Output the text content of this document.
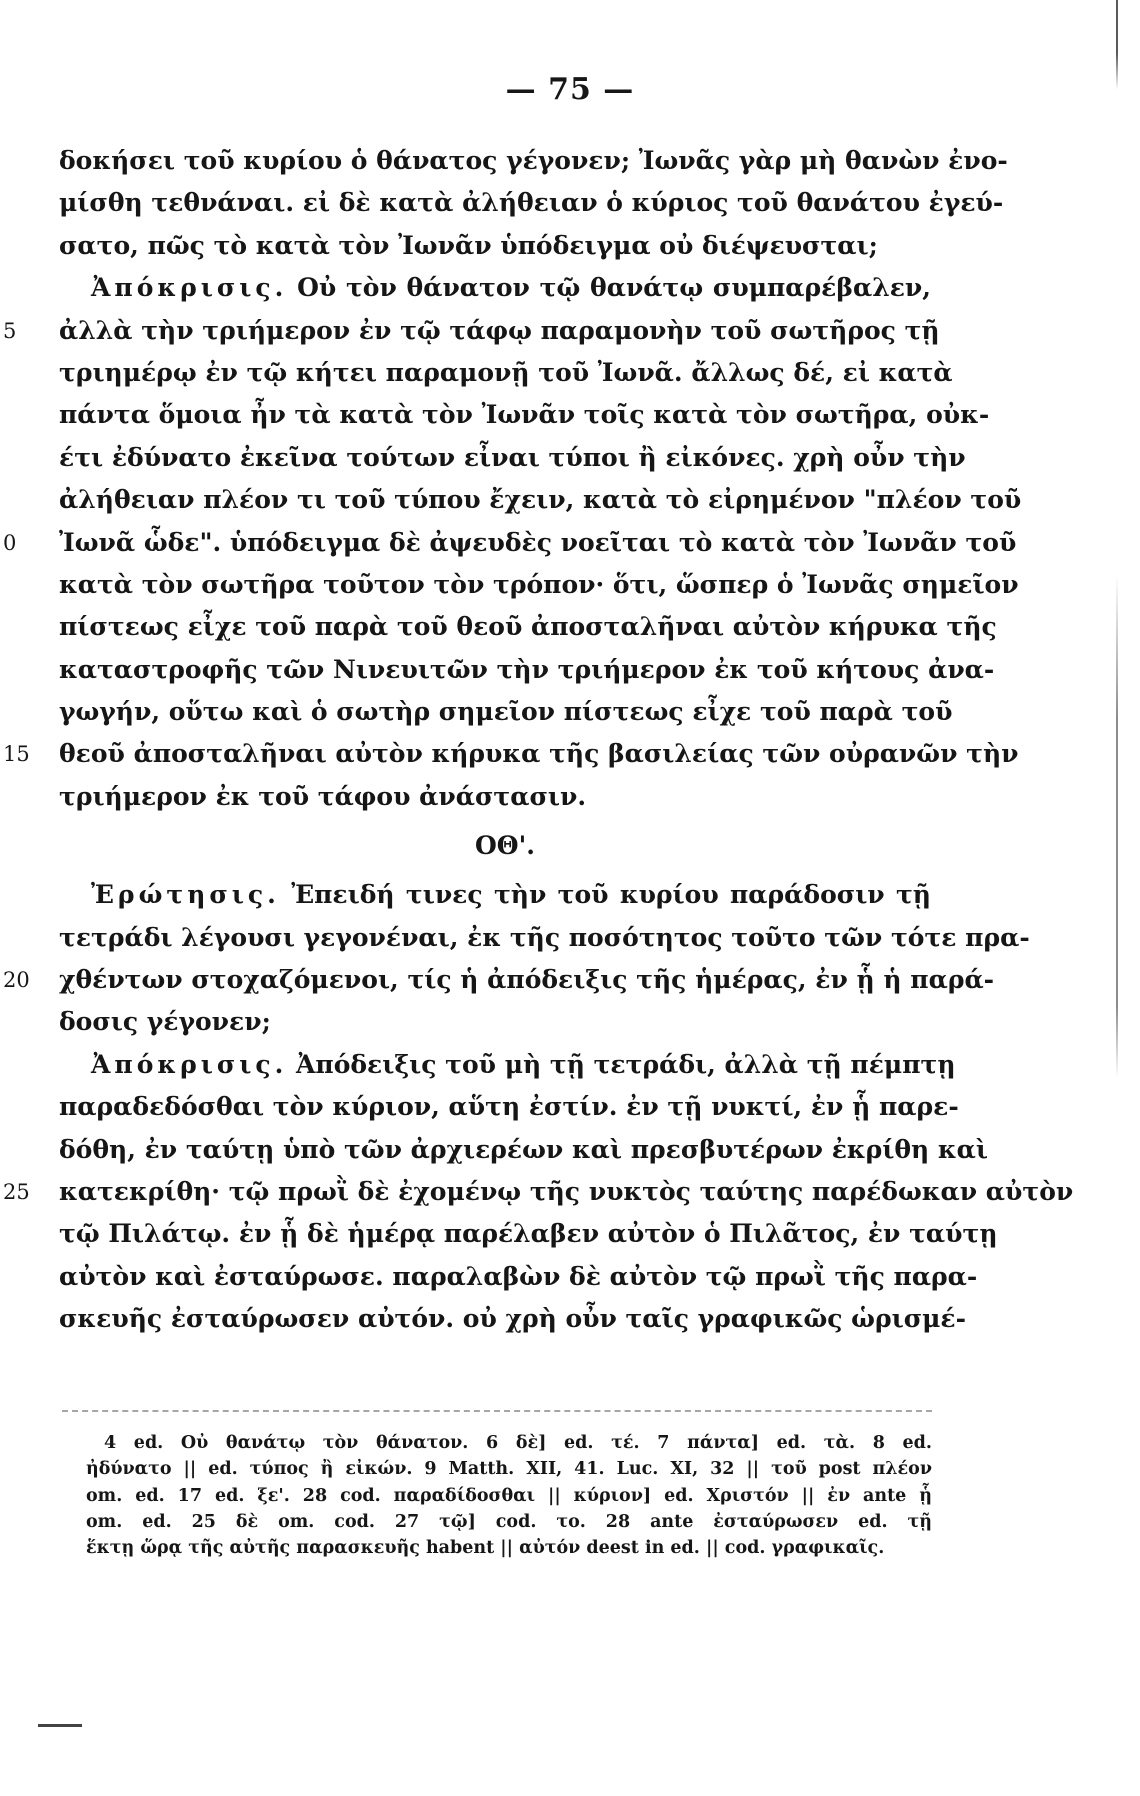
— 75 —
δοκήσει τοῦ κυρίου ὁ θάνατος γέγονεν; Ἰωνᾶς γὰρ μὴ θανὼν ἐνο-
μίσθη τεθνάναι. εἰ δὲ κατὰ ἀλήθειαν ὁ κύριος τοῦ θανάτου ἐγεύ-
σατο, πῶς τὸ κατὰ τὸν Ἰωνᾶν ὑπόδειγμα οὐ διέψευσται;
Ἀπόκρισις. Οὐ τὸν θάνατον τῷ θανάτῳ συμπαρέβαλεν,
5 ἀλλὰ τὴν τριήμερον ἐν τῷ τάφῳ παραμονὴν τοῦ σωτῆρος τῇ
τριημέρῳ ἐν τῷ κήτει παραμονῇ τοῦ Ἰωνᾶ. ἄλλως δέ, εἰ κατὰ
πάντα ὅμοια ἦν τὰ κατὰ τὸν Ἰωνᾶν τοῖς κατὰ τὸν σωτῆρα, οὐκ-
έτι ἐδύνατο ἐκεῖνα τούτων εἶναι τύποι ἢ εἰκόνες. χρὴ οὖν τὴν
ἀλήθειαν πλέον τι τοῦ τύπου ἔχειν, κατὰ τὸ εἰρημένον "πλέον τοῦ
0 Ἰωνᾶ ὧδε". ὑπόδειγμα δὲ ἀψευδὲς νοεῖται τὸ κατὰ τὸν Ἰωνᾶν τοῦ
κατὰ τὸν σωτῆρα τοῦτον τὸν τρόπον· ὅτι, ὥσπερ ὁ Ἰωνᾶς σημεῖον
πίστεως εἶχε τοῦ παρὰ τοῦ θεοῦ ἀποσταλῆναι αὐτὸν κήρυκα τῆς
καταστροφῆς τῶν Νινευιτῶν τὴν τριήμερον ἐκ τοῦ κήτους ἀνα-
γωγήν, οὕτω καὶ ὁ σωτὴρ σημεῖον πίστεως εἶχε τοῦ παρὰ τοῦ
15 θεοῦ ἀποσταλῆναι αὐτὸν κήρυκα τῆς βασιλείας τῶν οὐρανῶν τὴν
τριήμερον ἐκ τοῦ τάφου ἀνάστασιν.
ΟΘ'.
Ἐρώτησις. Ἐπειδή τινες τὴν τοῦ κυρίου παράδοσιν τῇ
τετράδι λέγουσι γεγονέναι, ἐκ τῆς ποσότητος τοῦτο τῶν τότε πρα-
20 χθέντων στοχαζόμενοι, τίς ἡ ἀπόδειξις τῆς ἡμέρας, ἐν ᾗ ἡ παρά-
δοσις γέγονεν;
Ἀπόκρισις. Ἀπόδειξις τοῦ μὴ τῇ τετράδι, ἀλλὰ τῇ πέμπτῃ
παραδεδόσθαι τὸν κύριον, αὕτη ἐστίν. ἐν τῇ νυκτί, ἐν ᾗ παρε-
δόθη, ἐν ταύτῃ ὑπὸ τῶν ἀρχιερέων καὶ πρεσβυτέρων ἐκρίθη καὶ
25 κατεκρίθη· τῷ πρωῒ δὲ ἐχομένῳ τῆς νυκτὸς ταύτης παρέδωκαν αὐτὸν
τῷ Πιλάτῳ. ἐν ᾗ δὲ ἡμέρᾳ παρέλαβεν αὐτὸν ὁ Πιλᾶτος, ἐν ταύτῃ
αὐτὸν καὶ ἐσταύρωσε. παραλαβὼν δὲ αὐτὸν τῷ πρωῒ τῆς παρα-
σκευῆς ἐσταύρωσεν αὐτόν. οὐ χρὴ οὖν ταῖς γραφικῶς ὡρισμέ-
4 ed. Οὐ θανάτῳ τὸν θάνατον. 6 δὲ] ed. τέ. 7 πάντα] ed. τὰ. 8 ed.
ἠδύνατο || ed. τύπος ἢ εἰκών. 9 Matth. XII, 41. Luc. XI, 32 || τοῦ post πλέον
om. ed. 17 ed. ξε'. 28 cod. παραδίδοσθαι || κύριον] ed. Χριστόν || ἐν ante ᾗ
om. ed. 25 δὲ om. cod. 27 τῷ] cod. το. 28 ante ἐσταύρωσεν ed. τῇ
ἕκτῃ ὥρᾳ τῆς αὐτῆς παρασκευῆς habent || αὐτόν deest in ed. || cod. γραφικαῖς.
